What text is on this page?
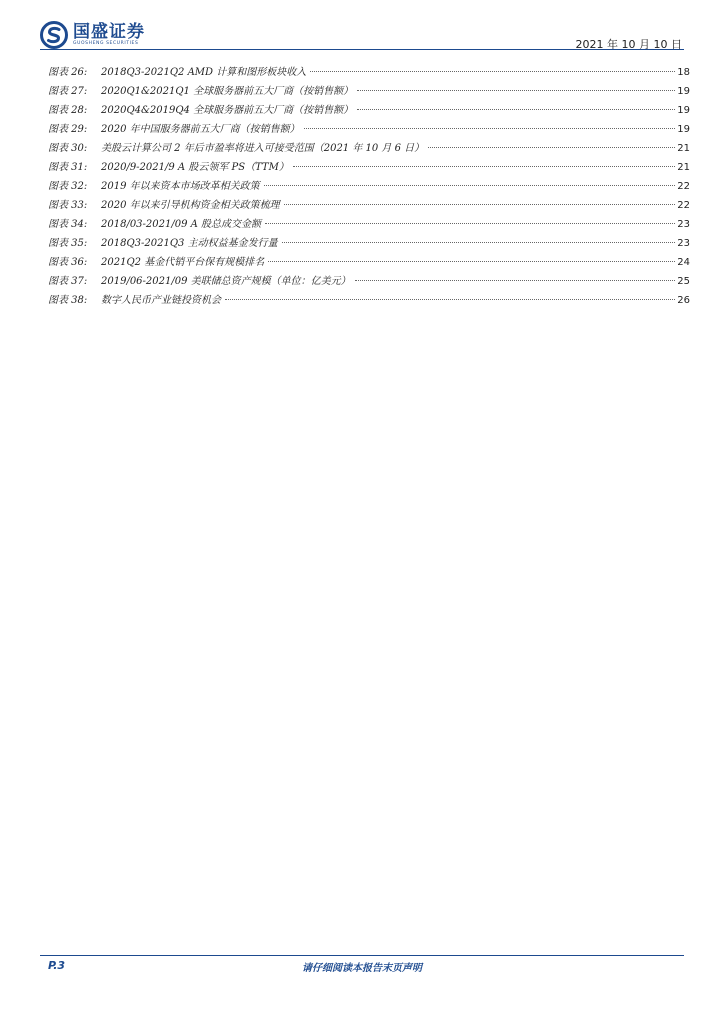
国盛证券
GUOSHENG SECURITIES	2021 年 10 月 10 日
图表 26:	2018Q3-2021Q2 AMD 计算和图形板块收入	18
图表 27:	2020Q1&2021Q1 全球服务器前五大厂商（按销售额）	19
图表 28:	2020Q4&2019Q4 全球服务器前五大厂商（按销售额）	19
图表 29:	2020 年中国服务器前五大厂商（按销售额）	19
图表 30:	美股云计算公司 2 年后市盈率将进入可接受范围（2021 年 10 月 6 日）	21
图表 31:	2020/9-2021/9 A 股云领军 PS（TTM）	21
图表 32:	2019 年以来资本市场改革相关政策	22
图表 33:	2020 年以来引导机构资金相关政策梳理	22
图表 34:	2018/03-2021/09 A 股总成交金额	23
图表 35:	2018Q3-2021Q3 主动权益基金发行量	23
图表 36:	2021Q2 基金代销平台保有规模排名	24
图表 37:	2019/06-2021/09 美联储总资产规模（单位：亿美元）	25
图表 38:	数字人民币产业链投资机会	26
P.3	请仔细阅读本报告末页声明
